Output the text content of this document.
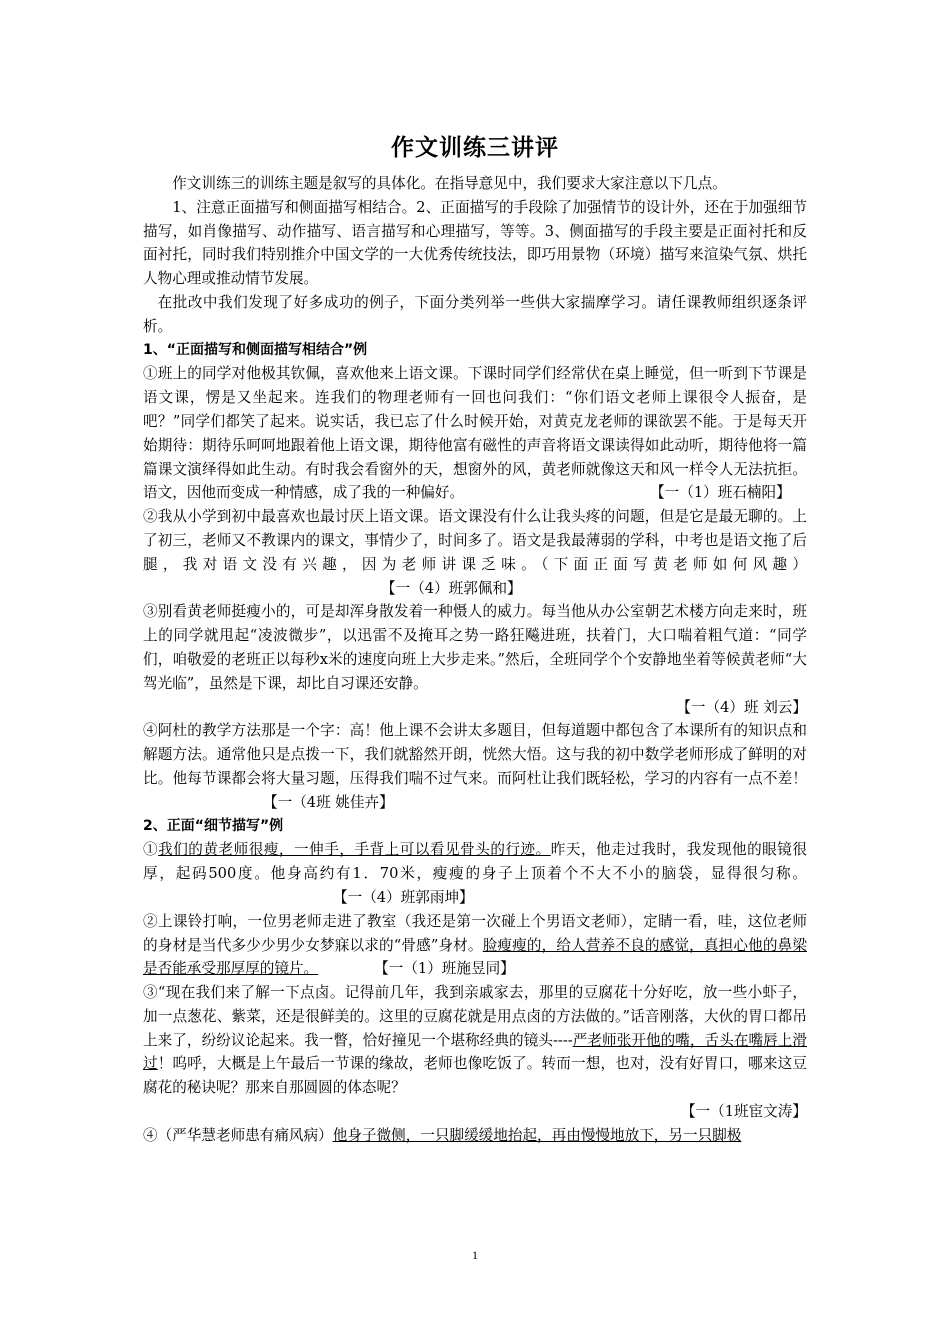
作文训练三讲评

作文训练三的训练主题是叙写的具体化。在指导意见中，我们要求大家注意以下几点。

1、注意正面描写和侧面描写相结合。2、正面描写的手段除了加强情节的设计外，还在于加强细节描写，如肖像描写、动作描写、语言描写和心理描写，等等。3、侧面描写的手段主要是正面衬托和反面衬托，同时我们特别推介中国文学的一大优秀传统技法，即巧用景物（环境）描写来渲染气氛、烘托人物心理或推动情节发展。

在批改中我们发现了好多成功的例子，下面分类列举一些供大家揣摩学习。请任课教师组织逐条评析。

1、“正面描写和侧面描写相结合”例

①班上的同学对他极其钦佩，喜欢他来上语文课。下课时同学们经常伏在桌上睡觉，但一听到下节课是语文课，愣是又坐起来。连我们的物理老师有一回也问我们：“你们语文老师上课很令人振奋，是吧？”同学们都笑了起来。说实话，我已忘了什么时候开始，对黄克龙老师的课欲罢不能。于是每天开始期待：期待乐呵呵地跟着他上语文课，期待他富有磁性的声音将语文课读得如此动听，期待他将一篇篇课文演绎得如此生动。有时我会看窗外的天，想窗外的风，黄老师就像这天和风一样令人无法抗拒。语文，因他而变成一种情感，成了我的一种偏好。	【一（1）班石楠阳】

②我从小学到初中最喜欢也最讨厌上语文课。语文课没有什么让我头疼的问题，但是它是最无聊的。上了初三，老师又不教课内的课文，事情少了，时间多了。语文是我最薄弱的学科，中考也是语文拖了后腿，我对语文没有兴趣，因为老师讲课乏味。（下面正面写黄老师如何风趣）【一（4）班郭佩和】

③别看黄老师挺瘦小的，可是却浑身散发着一种慑人的威力。每当他从办公室朝艺术楼方向走来时，班上的同学就甩起“凌波微步”，以迅雷不及掩耳之势一路狂飚进班，扶着门，大口喘着粗气道：“同学们，咱敬爱的老班正以每秒x米的速度向班上大步走来。”然后，全班同学个个安静地坐着等候黄老师“大驾光临”，虽然是下课，却比自习课还安静。

【一（4）班 刘云】

④阿杜的教学方法那是一个字：高！他上课不会讲太多题目，但每道题中都包含了本课所有的知识点和解题方法。通常他只是点拨一下，我们就豁然开朗，恍然大悟。这与我的初中数学老师形成了鲜明的对比。他每节课都会将大量习题，压得我们喘不过气来。而阿杜让我们既轻松，学习的内容有一点不差！【一（4班 姚佳卉】

2、正面“细节描写”例

①我们的黄老师很瘦，一伸手，手背上可以看见骨头的行迹。昨天，他走过我时，我发现他的眼镜很厚，起码500度。他身高约有1．70米，瘦瘦的身子上顶着个不大不小的脑袋，显得很匀称。【一（4）班郭雨坤】

②上课铃打响，一位男老师走进了教室（我还是第一次碰上个男语文老师），定睛一看，哇，这位老师的身材是当代多少少男少女梦寐以求的“骨感”身材。脸瘦瘦的，给人营养不良的感觉，真担心他的鼻梁是否能承受那厚厚的镜片。	【一（1）班施昱同】

③“现在我们来了解一下点卤。记得前几年，我到亲戚家去，那里的豆腐花十分好吃，放一些小虾子，加一点葱花、紫菜，还是很鲜美的。这里的豆腐花就是用点卤的方法做的。”话音刚落，大伙的胃口都吊上来了，纷纷议论起来。我一瞥，恰好撞见一个堪称经典的镜头----严老师张开他的嘴，舌头在嘴唇上滑过！呜呼，大概是上午最后一节课的缘故，老师也像吃饭了。转而一想，也对，没有好胃口，哪来这豆腐花的秘诀呢？那来自那圆圆的体态呢？

【一（1班宦文涛】

④（严华慧老师患有痛风病）他身子微侧，一只脚缓缓地抬起，再由慢慢地放下，另一只脚极

1
